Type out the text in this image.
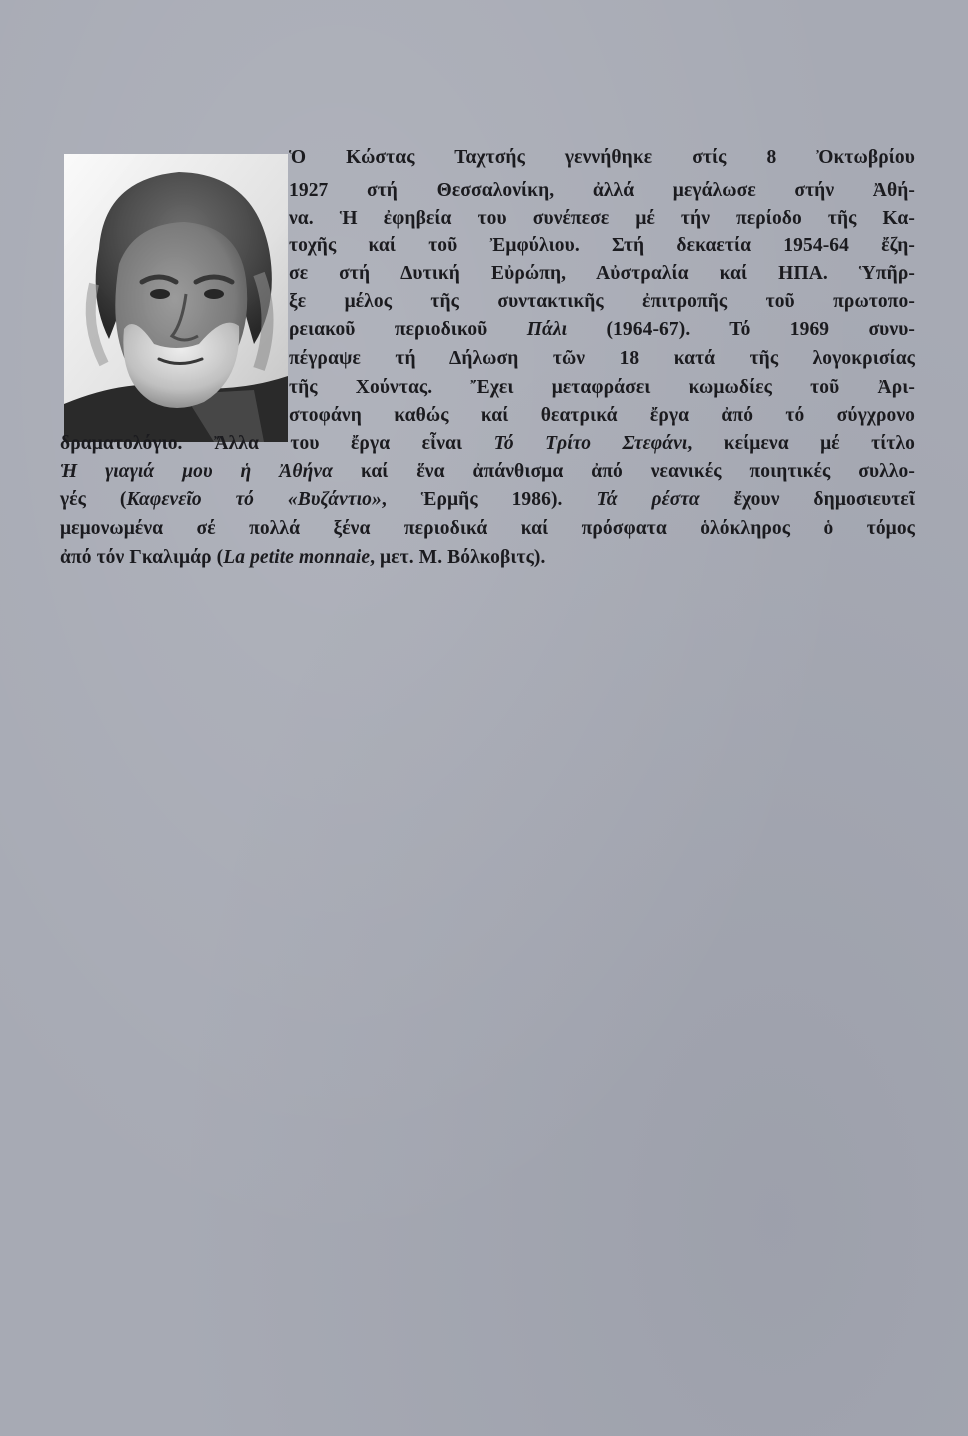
Ὁ Κώστας Ταχτσής γεννήθηκε στίς 8 Ὀκτωβρίου
1927 στή Θεσσαλονίκη, ἀλλά μεγάλωσε στήν Ἀθή-
να. Ἡ ἐφηβεία του συνέπεσε μέ τήν περίοδο τῆς Κα-
τοχῆς καί τοῦ Ἐμφύλιου. Στή δεκαετία 1954-64 ἔζη-
σε στή Δυτική Εὐρώπη, Αὐστραλία καί ΗΠΑ. Ὑπῆρ-
ξε μέλος τῆς συντακτικῆς ἐπιτροπῆς τοῦ πρωτοπο-
ρειακοῦ περιοδικοῦ Πάλι (1964-67). Τό 1969 συνυ-
πέγραψε τή Δήλωση τῶν 18 κατά τῆς λογοκρισίας
τῆς Χούντας. Ἔχει μεταφράσει κωμωδίες τοῦ Ἀρι-
στοφάνη καθώς καί θεατρικά ἔργα ἀπό τό σύγχρονο
δραματολόγιο. Ἄλλα του ἔργα εἶναι Τό Τρίτο Στεφάνι, κείμενα μέ τίτλο
Ἡ γιαγιά μου ἡ Ἀθήνα καί ἕνα ἀπάνθισμα ἀπό νεανικές ποιητικές συλλο-
γές (Καφενεῖο τό «Βυζάντιο», Ἑρμῆς 1986). Τά ρέστα ἔχουν δημοσιευτεῖ
μεμονωμένα σέ πολλά ξένα περιοδικά καί πρόσφατα ὁλόκληρος ὁ τόμος
ἀπό τόν Γκαλιμάρ (La petite monnaie, μετ. Μ. Βόλκοβιτς).
